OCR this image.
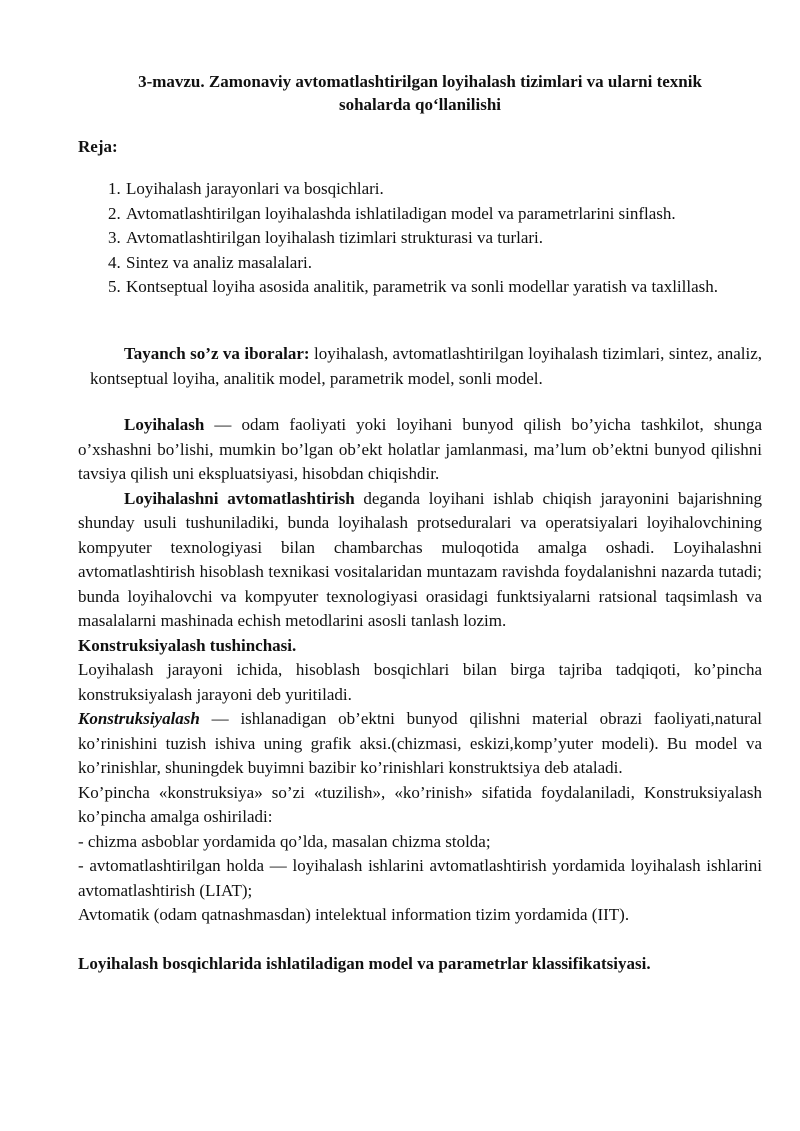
3-mavzu. Zamonaviy avtomatlashtirilgan loyihalash tizimlari va ularni texnik
sohalarda qo‘llanilishi
Reja:
1. Loyihalash jarayonlari va bosqichlari.
2. Avtomatlashtirilgan loyihalashda ishlatiladigan model va parametrlarini sinflash.
3. Avtomatlashtirilgan loyihalash tizimlari strukturasi va turlari.
4. Sintez va analiz masalalari.
5. Kontseptual loyiha asosida analitik, parametrik va sonli modellar yaratish va taxlillash.

Tayanch so’z va iboralar: loyihalash, avtomatlashtirilgan loyihalash tizimlari, sintez, analiz, kontseptual loyiha, analitik model, parametrik model, sonli model.

Loyihalash — odam faoliyati yoki loyihani bunyod qilish bo’yicha tashkilot, shunga o’xshashni bo’lishi, mumkin bo’lgan ob’ekt holatlar jamlanmasi, ma’lum ob’ektni bunyod qilishni tavsiya qilish uni ekspluatsiyasi, hisobdan chiqishdir.

Loyihalashni avtomatlashtirish deganda loyihani ishlab chiqish jarayonini bajarishning shunday usuli tushuniladiki, bunda loyihalash protseduralari va operatsiyalari loyihalovchining kompyuter texnologiyasi bilan chambarchas muloqotida amalga oshadi. Loyihalashni avtomatlashtirish hisoblash texnikasi vositalaridan muntazam ravishda foydalanishni nazarda tutadi; bunda loyihalovchi va kompyuter texnologiyasi orasidagi funktsiyalarni ratsional taqsimlash va masalalarni mashinada echish metodlarini asosli tanlash lozim.

Konstruksiyalash tushinchasi.

Loyihalash jarayoni ichida, hisoblash bosqichlari bilan birga tajriba tadqiqoti, ko’pincha konstruksiyalash jarayoni deb yuritiladi.

Konstruksiyalash — ishlanadigan ob’ektni bunyod qilishni material obrazi faoliyati,natural ko’rinishini tuzish ishiva uning grafik aksi.(chizmasi, eskizi,komp’yuter modeli). Bu model va ko’rinishlar, shuningdek buyimni bazibir ko’rinishlari konstruktsiya deb ataladi.

Ko’pincha «konstruksiya» so’zi «tuzilish», «ko’rinish» sifatida foydalaniladi, Konstruksiyalash ko’pincha amalga oshiriladi:

- chizma asboblar yordamida qo’lda, masalan chizma stolda;

- avtomatlashtirilgan holda — loyihalash ishlarini avtomatlashtirish yordamida loyihalash ishlarini avtomatlashtirish (LIAT);

Avtomatik (odam qatnashmasdan) intelektual information tizim yordamida (IIT).

Loyihalash bosqichlarida ishlatiladigan model va parametrlar klassifikatsiyasi.
